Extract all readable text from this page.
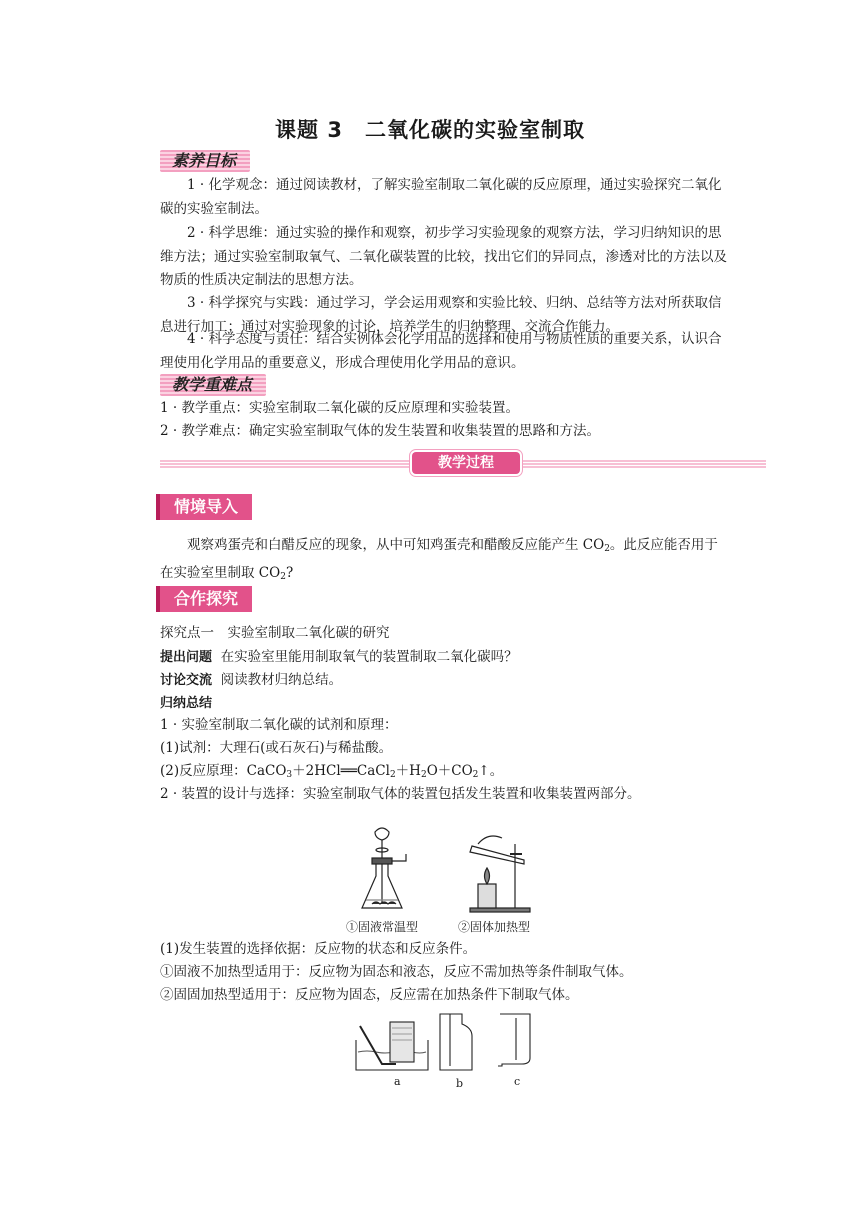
课题 3　二氧化碳的实验室制取
素养目标

1 · 化学观念：通过阅读教材，了解实验室制取二氧化碳的反应原理，通过实验探究二氧化碳的实验室制法。

2 · 科学思维：通过实验的操作和观察，初步学习实验现象的观察方法，学习归纳知识的思维方法；通过实验室制取氧气、二氧化碳装置的比较，找出它们的异同点，渗透对比的方法以及物质的性质决定制法的思想方法。

3 · 科学探究与实践：通过学习，学会运用观察和实验比较、归纳、总结等方法对所获取信息进行加工；通过对实验现象的讨论，培养学生的归纳整理、交流合作能力。

4 · 科学态度与责任：结合实例体会化学用品的选择和使用与物质性质的重要关系，认识合理使用化学用品的重要意义，形成合理使用化学用品的意识。

教学重难点

1 · 教学重点：实验室制取二氧化碳的反应原理和实验装置。

2 · 教学难点：确定实验室制取气体的发生装置和收集装置的思路和方法。

教学过程
情境导入

观察鸡蛋壳和白醋反应的现象，从中可知鸡蛋壳和醋酸反应能产生 $CO_2$。此反应能否用于在实验室里制取 $CO_2$?

合作探究

探究点一　实验室制取二氧化碳的研究

提出问题 在实验室里能用制取氧气的装置制取二氧化碳吗？

讨论交流 阅读教材归纳总结。

归纳总结

1 · 实验室制取二氧化碳的试剂和原理：

(1)试剂：大理石(或石灰石)与稀盐酸。

(2)反应原理：$CaCO_3+2HCl══CaCl_2+H_2O+CO_2↑$。

2 · 装置的设计与选择：实验室制取气体的装置包括发生装置和收集装置两部分。

①固液常温型	②固体加热型

(1)发生装置的选择依据：反应物的状态和反应条件。

①固液不加热型适用于：反应物为固态和液态，反应不需加热等条件制取气体。

②固固加热型适用于：反应物为固态，反应需在加热条件下制取气体。

a	b	c
